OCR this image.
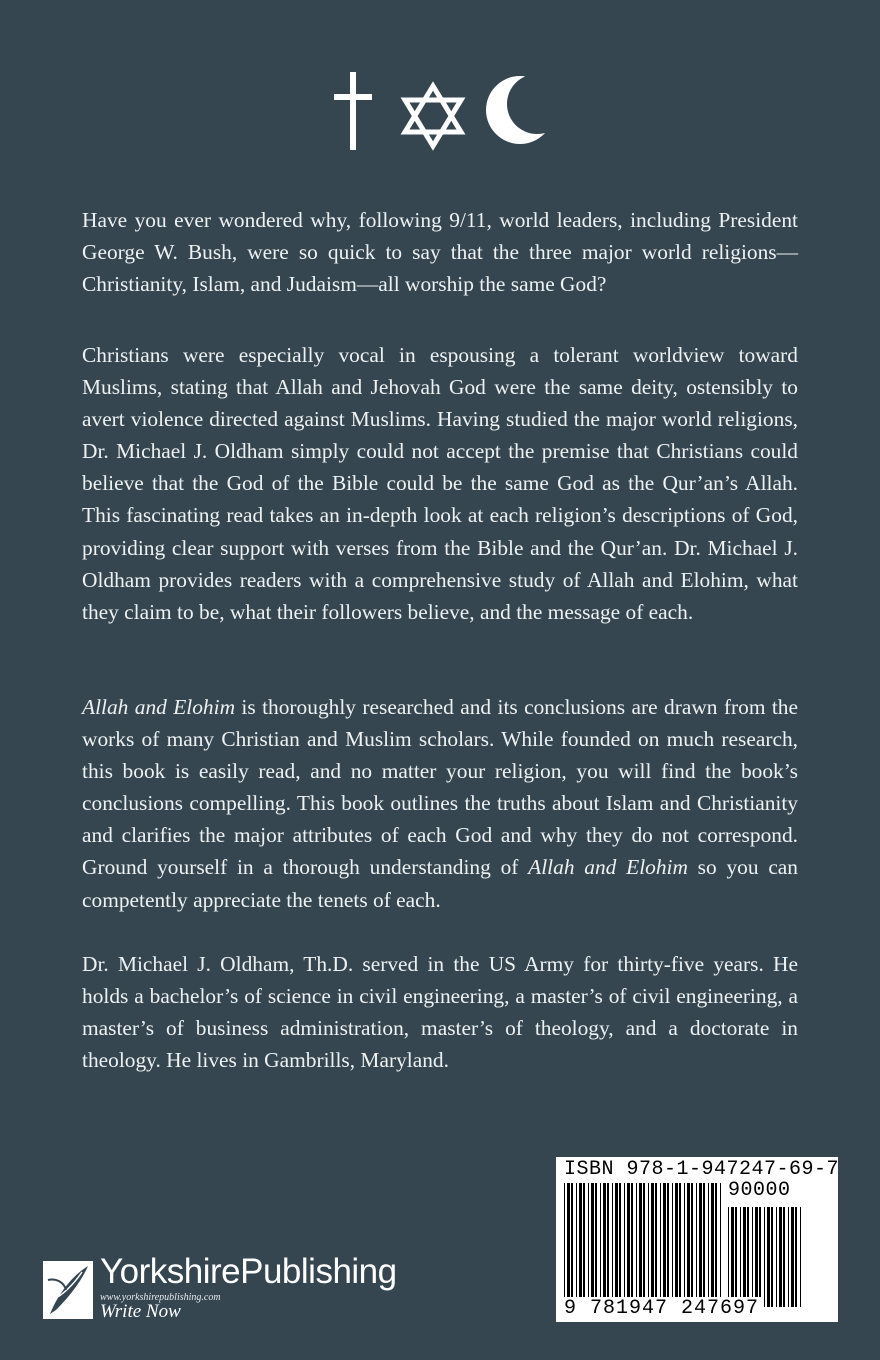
Have you ever wondered why, following 9/11, world leaders, including President George W. Bush, were so quick to say that the three major world religions—Christianity, Islam, and Judaism—all worship the same God?

Christians were especially vocal in espousing a tolerant worldview toward Muslims, stating that Allah and Jehovah God were the same deity, ostensibly to avert violence directed against Muslims. Having studied the major world religions, Dr. Michael J. Oldham simply could not accept the premise that Christians could believe that the God of the Bible could be the same God as the Qur’an’s Allah. This fascinating read takes an in-depth look at each religion’s descriptions of God, providing clear support with verses from the Bible and the Qur’an. Dr. Michael J. Oldham provides readers with a comprehensive study of Allah and Elohim, what they claim to be, what their followers believe, and the message of each.

Allah and Elohim is thoroughly researched and its conclusions are drawn from the works of many Christian and Muslim scholars. While founded on much research, this book is easily read, and no matter your religion, you will find the book’s conclusions compelling. This book outlines the truths about Islam and Christianity and clarifies the major attributes of each God and why they do not correspond. Ground yourself in a thorough understanding of Allah and Elohim so you can competently appreciate the tenets of each.

Dr. Michael J. Oldham, Th.D. served in the US Army for thirty-five years. He holds a bachelor’s of science in civil engineering, a master’s of civil engineering, a master’s of business administration, master’s of theology, and a doctorate in theology. He lives in Gambrills, Maryland.

YorkshirePublishing
www.yorkshirepublishing.com
Write Now
ISBN 978-1-947247-69-7
90000
9 781947 247697
